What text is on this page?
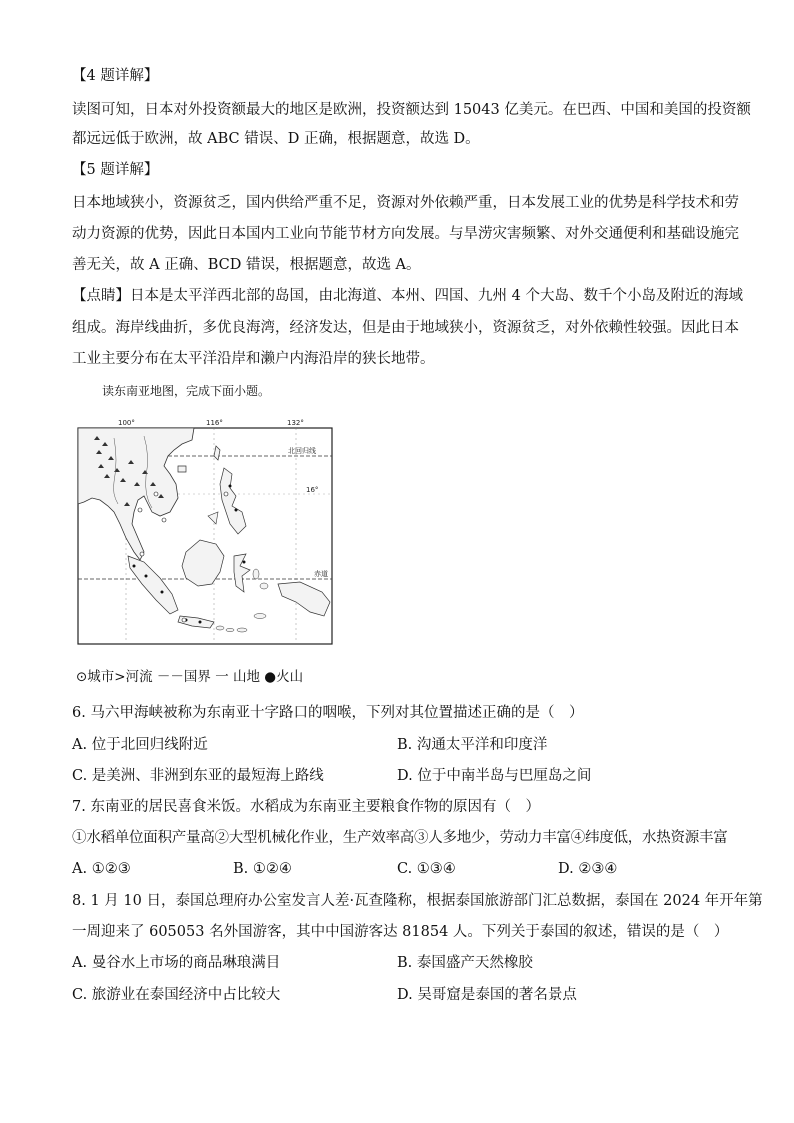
【4 题详解】
读图可知，日本对外投资额最大的地区是欧洲，投资额达到 15043 亿美元。在巴西、中国和美国的投资额
都远远低于欧洲，故 ABC 错误、D 正确，根据题意，故选 D。
【5 题详解】
日本地域狭小，资源贫乏，国内供给严重不足，资源对外依赖严重，日本发展工业的优势是科学技术和劳
动力资源的优势，因此日本国内工业向节能节材方向发展。与旱涝灾害频繁、对外交通便利和基础设施完
善无关，故 A 正确、BCD 错误，根据题意，故选 A。
【点睛】日本是太平洋西北部的岛国，由北海道、本州、四国、九州 4 个大岛、数千个小岛及附近的海域
组成。海岸线曲折，多优良海湾，经济发达，但是由于地域狭小，资源贫乏，对外依赖性较强。因此日本
工业主要分布在太平洋沿岸和濑户内海沿岸的狭长地带。
读东南亚地图，完成下面小题。
100°	116°	132°
北回归线
16°
赤道
⊙城市>河流 －－国界 一 山地 ●火山
6. 马六甲海峡被称为东南亚十字路口的咽喉，下列对其位置描述正确的是（　）
A. 位于北回归线附近	B. 沟通太平洋和印度洋
C. 是美洲、非洲到东亚的最短海上路线	D. 位于中南半岛与巴厘岛之间
7. 东南亚的居民喜食米饭。水稻成为东南亚主要粮食作物的原因有（　）
①水稻单位面积产量高②大型机械化作业，生产效率高③人多地少，劳动力丰富④纬度低，水热资源丰富
A. ①②③	B. ①②④	C. ①③④	D. ②③④
8. 1 月 10 日，泰国总理府办公室发言人差·瓦查隆称，根据泰国旅游部门汇总数据，泰国在 2024 年开年第
一周迎来了 605053 名外国游客，其中中国游客达 81854 人。下列关于泰国的叙述，错误的是（　）
A. 曼谷水上市场的商品琳琅满目	B. 泰国盛产天然橡胶
C. 旅游业在泰国经济中占比较大	D. 吴哥窟是泰国的著名景点
